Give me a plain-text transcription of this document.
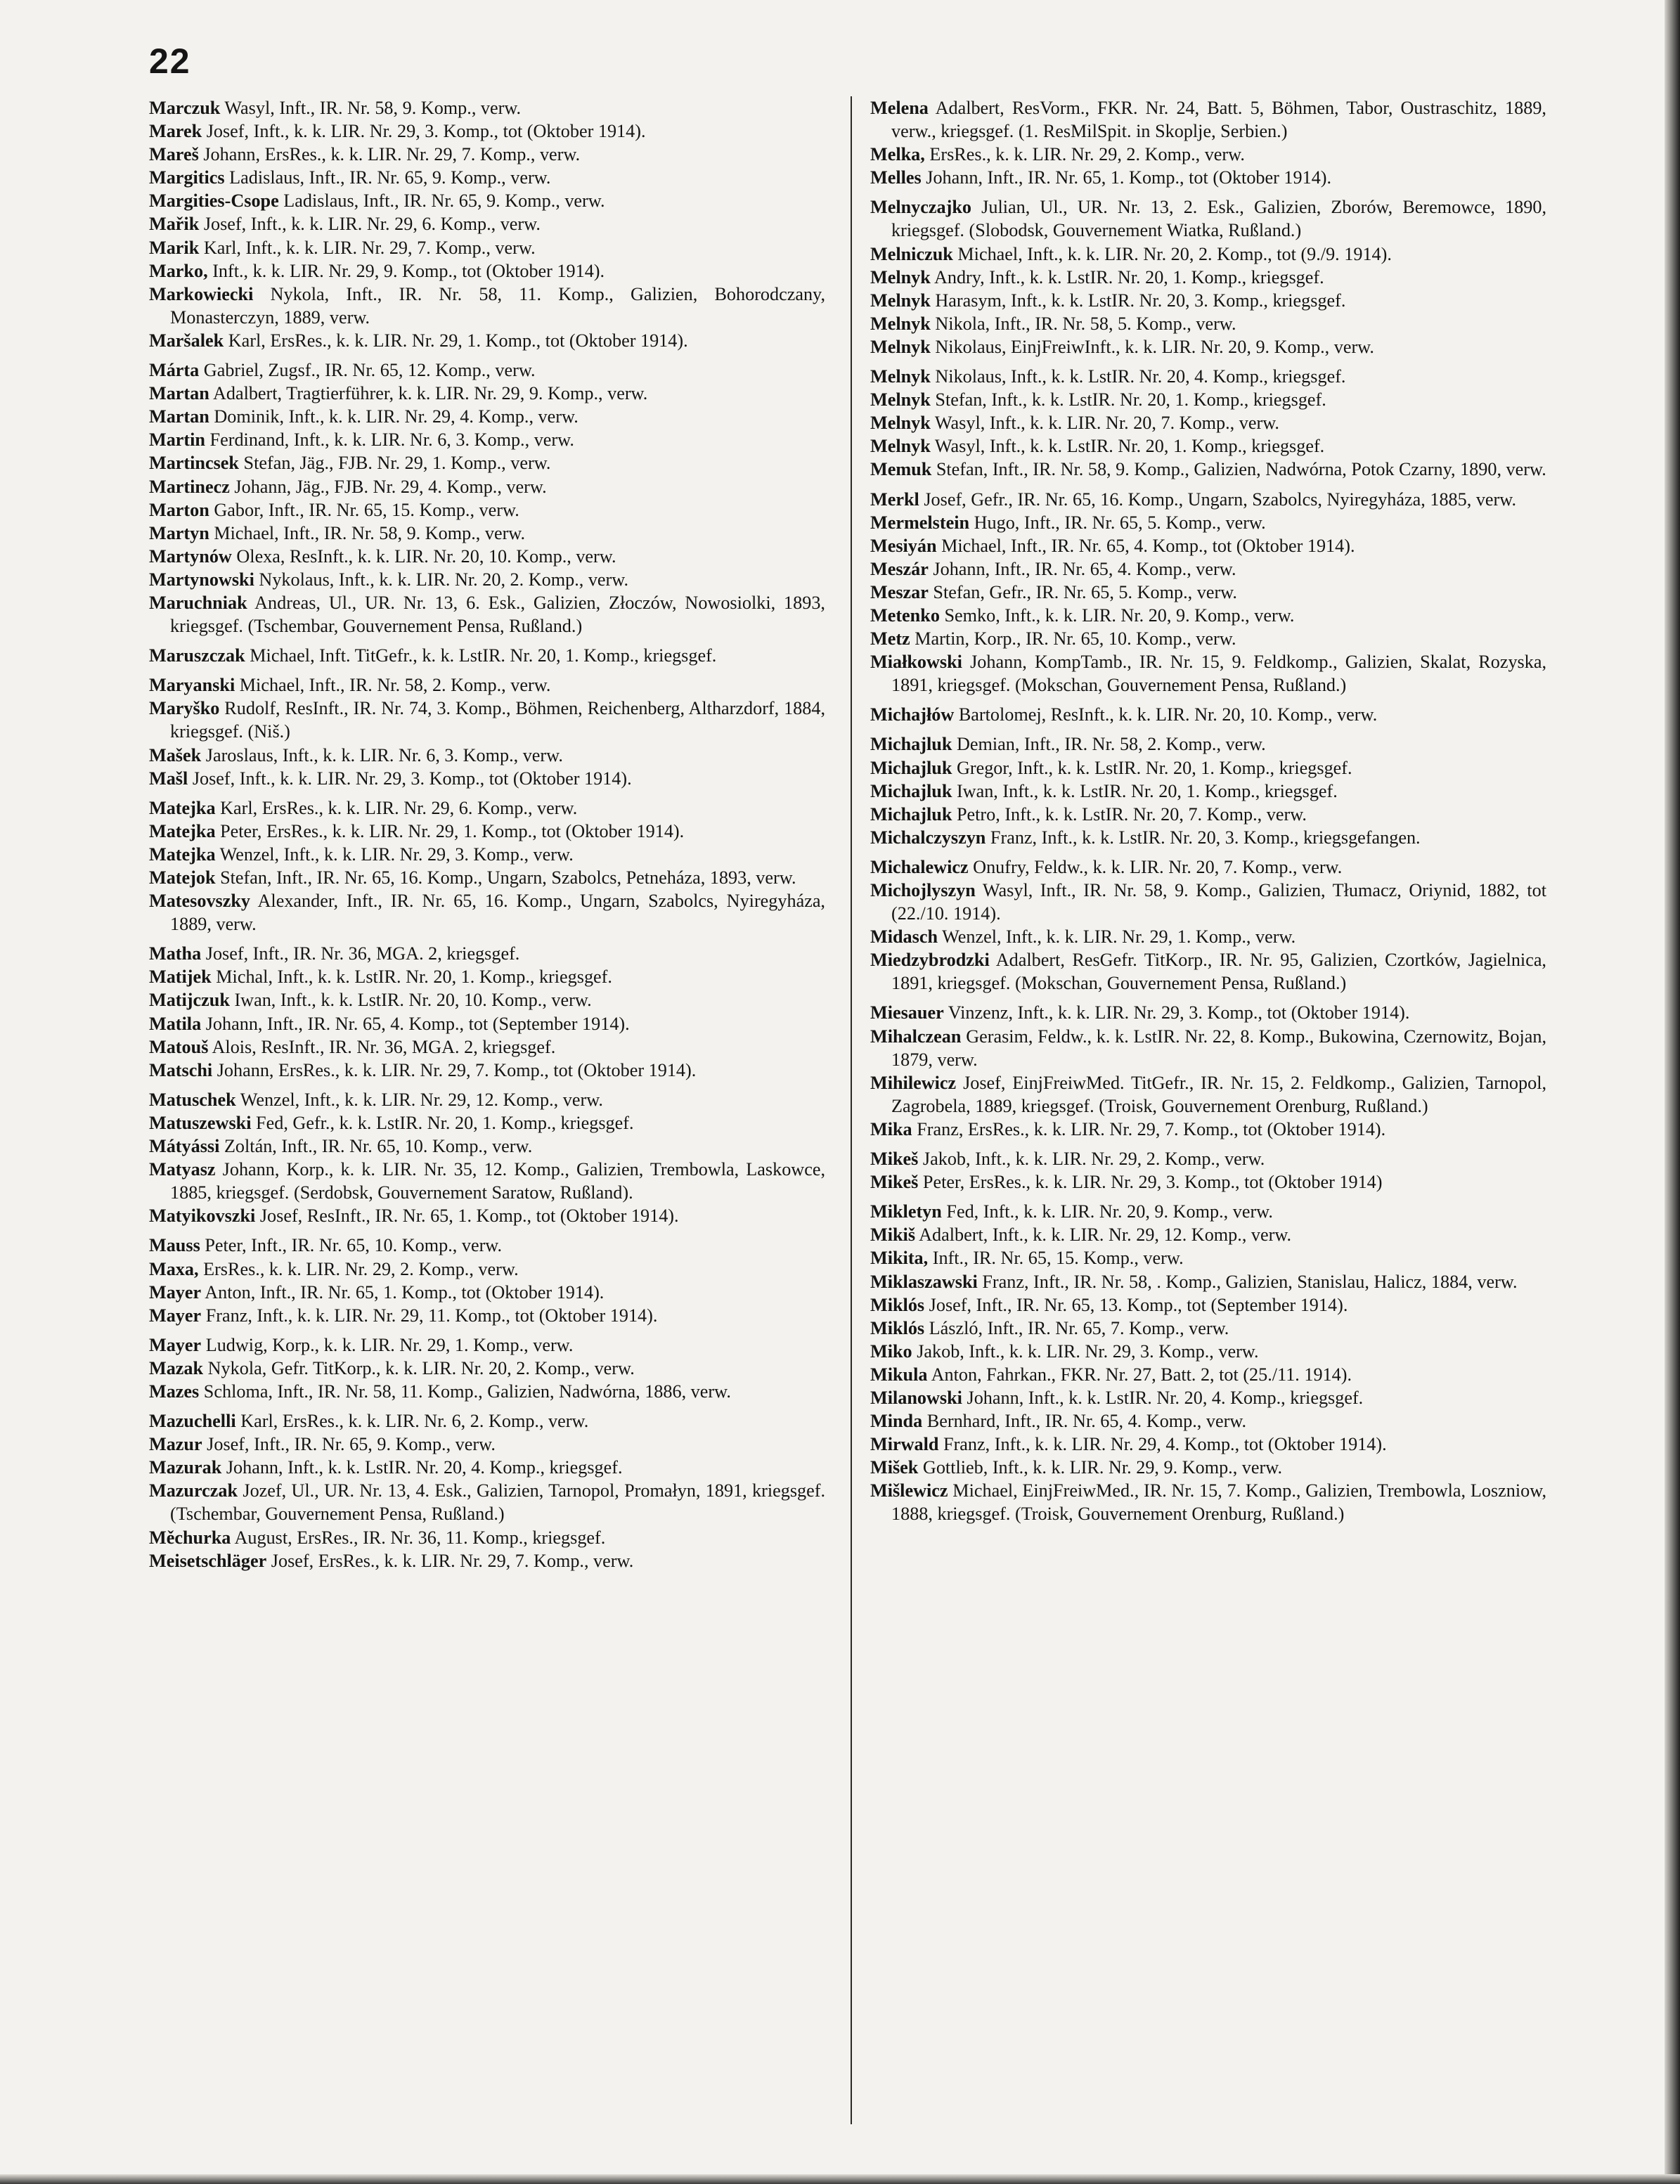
22

Marczuk Wasyl, Inft., IR. Nr. 58, 9. Komp., verw.

Marek Josef, Inft., k. k. LIR. Nr. 29, 3. Komp., tot (Oktober 1914).

Mareš Johann, ErsRes., k. k. LIR. Nr. 29, 7. Komp., verw.

Margitics Ladislaus, Inft., IR. Nr. 65, 9. Komp., verw.

Margities-Csope Ladislaus, Inft., IR. Nr. 65, 9. Komp., verw.

Mařik Josef, Inft., k. k. LIR. Nr. 29, 6. Komp., verw.

Marik Karl, Inft., k. k. LIR. Nr. 29, 7. Komp., verw.

Marko, Inft., k. k. LIR. Nr. 29, 9. Komp., tot (Oktober 1914).

Markowiecki Nykola, Inft., IR. Nr. 58, 11. Komp., Galizien, Bohorodczany, Monasterczyn, 1889, verw.

Maršalek Karl, ErsRes., k. k. LIR. Nr. 29, 1. Komp., tot (Oktober 1914).

Márta Gabriel, Zugsf., IR. Nr. 65, 12. Komp., verw.

Martan Adalbert, Tragtierführer, k. k. LIR. Nr. 29, 9. Komp., verw.

Martan Dominik, Inft., k. k. LIR. Nr. 29, 4. Komp., verw.

Martin Ferdinand, Inft., k. k. LIR. Nr. 6, 3. Komp., verw.

Martincsek Stefan, Jäg., FJB. Nr. 29, 1. Komp., verw.

Martinecz Johann, Jäg., FJB. Nr. 29, 4. Komp., verw.

Marton Gabor, Inft., IR. Nr. 65, 15. Komp., verw.

Martyn Michael, Inft., IR. Nr. 58, 9. Komp., verw.

Martynów Olexa, ResInft., k. k. LIR. Nr. 20, 10. Komp., verw.

Martynowski Nykolaus, Inft., k. k. LIR. Nr. 20, 2. Komp., verw.

Maruchniak Andreas, Ul., UR. Nr. 13, 6. Esk., Galizien, Złoczów, Nowosiolki, 1893, kriegsgef. (Tschembar, Gouvernement Pensa, Rußland.)

Maruszczak Michael, Inft. TitGefr., k. k. LstIR. Nr. 20, 1. Komp., kriegsgef.

Maryanski Michael, Inft., IR. Nr. 58, 2. Komp., verw.

Maryško Rudolf, ResInft., IR. Nr. 74, 3. Komp., Böhmen, Reichenberg, Altharzdorf, 1884, kriegsgef. (Niš.)

Mašek Jaroslaus, Inft., k. k. LIR. Nr. 6, 3. Komp., verw.

Mašl Josef, Inft., k. k. LIR. Nr. 29, 3. Komp., tot (Oktober 1914).

Matejka Karl, ErsRes., k. k. LIR. Nr. 29, 6. Komp., verw.

Matejka Peter, ErsRes., k. k. LIR. Nr. 29, 1. Komp., tot (Oktober 1914).

Matejka Wenzel, Inft., k. k. LIR. Nr. 29, 3. Komp., verw.

Matejok Stefan, Inft., IR. Nr. 65, 16. Komp., Ungarn, Szabolcs, Petneháza, 1893, verw.

Matesovszky Alexander, Inft., IR. Nr. 65, 16. Komp., Ungarn, Szabolcs, Nyiregyháza, 1889, verw.

Matha Josef, Inft., IR. Nr. 36, MGA. 2, kriegsgef.

Matijek Michal, Inft., k. k. LstIR. Nr. 20, 1. Komp., kriegsgef.

Matijczuk Iwan, Inft., k. k. LstIR. Nr. 20, 10. Komp., verw.

Matila Johann, Inft., IR. Nr. 65, 4. Komp., tot (September 1914).

Matouš Alois, ResInft., IR. Nr. 36, MGA. 2, kriegsgef.

Matschi Johann, ErsRes., k. k. LIR. Nr. 29, 7. Komp., tot (Oktober 1914).

Matuschek Wenzel, Inft., k. k. LIR. Nr. 29, 12. Komp., verw.

Matuszewski Fed, Gefr., k. k. LstIR. Nr. 20, 1. Komp., kriegsgef.

Mátyássi Zoltán, Inft., IR. Nr. 65, 10. Komp., verw.

Matyasz Johann, Korp., k. k. LIR. Nr. 35, 12. Komp., Galizien, Trembowla, Laskowce, 1885, kriegsgef. (Serdobsk, Gouvernement Saratow, Rußland).

Matyikovszki Josef, ResInft., IR. Nr. 65, 1. Komp., tot (Oktober 1914).

Mauss Peter, Inft., IR. Nr. 65, 10. Komp., verw.

Maxa, ErsRes., k. k. LIR. Nr. 29, 2. Komp., verw.

Mayer Anton, Inft., IR. Nr. 65, 1. Komp., tot (Oktober 1914).

Mayer Franz, Inft., k. k. LIR. Nr. 29, 11. Komp., tot (Oktober 1914).

Mayer Ludwig, Korp., k. k. LIR. Nr. 29, 1. Komp., verw.

Mazak Nykola, Gefr. TitKorp., k. k. LIR. Nr. 20, 2. Komp., verw.

Mazes Schloma, Inft., IR. Nr. 58, 11. Komp., Galizien, Nadwórna, 1886, verw.

Mazuchelli Karl, ErsRes., k. k. LIR. Nr. 6, 2. Komp., verw.

Mazur Josef, Inft., IR. Nr. 65, 9. Komp., verw.

Mazurak Johann, Inft., k. k. LstIR. Nr. 20, 4. Komp., kriegsgef.

Mazurczak Jozef, Ul., UR. Nr. 13, 4. Esk., Galizien, Tarnopol, Promałyn, 1891, kriegsgef. (Tschembar, Gouvernement Pensa, Rußland.)

Měchurka August, ErsRes., IR. Nr. 36, 11. Komp., kriegsgef.

Meisetschläger Josef, ErsRes., k. k. LIR. Nr. 29, 7. Komp., verw.

Melena Adalbert, ResVorm., FKR. Nr. 24, Batt. 5, Böhmen, Tabor, Oustraschitz, 1889, verw., kriegsgef. (1. ResMilSpit. in Skoplje, Serbien.)

Melka, ErsRes., k. k. LIR. Nr. 29, 2. Komp., verw.

Melles Johann, Inft., IR. Nr. 65, 1. Komp., tot (Oktober 1914).

Melnyczajko Julian, Ul., UR. Nr. 13, 2. Esk., Galizien, Zborów, Beremowce, 1890, kriegsgef. (Slobodsk, Gouvernement Wiatka, Rußland.)

Melniczuk Michael, Inft., k. k. LIR. Nr. 20, 2. Komp., tot (9./9. 1914).

Melnyk Andry, Inft., k. k. LstIR. Nr. 20, 1. Komp., kriegsgef.

Melnyk Harasym, Inft., k. k. LstIR. Nr. 20, 3. Komp., kriegsgef.

Melnyk Nikola, Inft., IR. Nr. 58, 5. Komp., verw.

Melnyk Nikolaus, EinjFreiwInft., k. k. LIR. Nr. 20, 9. Komp., verw.

Melnyk Nikolaus, Inft., k. k. LstIR. Nr. 20, 4. Komp., kriegsgef.

Melnyk Stefan, Inft., k. k. LstIR. Nr. 20, 1. Komp., kriegsgef.

Melnyk Wasyl, Inft., k. k. LIR. Nr. 20, 7. Komp., verw.

Melnyk Wasyl, Inft., k. k. LstIR. Nr. 20, 1. Komp., kriegsgef.

Memuk Stefan, Inft., IR. Nr. 58, 9. Komp., Galizien, Nadwórna, Potok Czarny, 1890, verw.

Merkl Josef, Gefr., IR. Nr. 65, 16. Komp., Ungarn, Szabolcs, Nyiregyháza, 1885, verw.

Mermelstein Hugo, Inft., IR. Nr. 65, 5. Komp., verw.

Mesiyán Michael, Inft., IR. Nr. 65, 4. Komp., tot (Oktober 1914).

Meszár Johann, Inft., IR. Nr. 65, 4. Komp., verw.

Meszar Stefan, Gefr., IR. Nr. 65, 5. Komp., verw.

Metenko Semko, Inft., k. k. LIR. Nr. 20, 9. Komp., verw.

Metz Martin, Korp., IR. Nr. 65, 10. Komp., verw.

Miałkowski Johann, KompTamb., IR. Nr. 15, 9. Feldkomp., Galizien, Skalat, Rozyska, 1891, kriegsgef. (Mokschan, Gouvernement Pensa, Rußland.)

Michajłów Bartolomej, ResInft., k. k. LIR. Nr. 20, 10. Komp., verw.

Michajluk Demian, Inft., IR. Nr. 58, 2. Komp., verw.

Michajluk Gregor, Inft., k. k. LstIR. Nr. 20, 1. Komp., kriegsgef.

Michajluk Iwan, Inft., k. k. LstIR. Nr. 20, 1. Komp., kriegsgef.

Michajluk Petro, Inft., k. k. LstIR. Nr. 20, 7. Komp., verw.

Michalczyszyn Franz, Inft., k. k. LstIR. Nr. 20, 3. Komp., kriegsgefangen.

Michalewicz Onufry, Feldw., k. k. LIR. Nr. 20, 7. Komp., verw.

Michojlyszyn Wasyl, Inft., IR. Nr. 58, 9. Komp., Galizien, Tłumacz, Oriynid, 1882, tot (22./10. 1914).

Midasch Wenzel, Inft., k. k. LIR. Nr. 29, 1. Komp., verw.

Miedzybrodzki Adalbert, ResGefr. TitKorp., IR. Nr. 95, Galizien, Czortków, Jagielnica, 1891, kriegsgef. (Mokschan, Gouvernement Pensa, Rußland.)

Miesauer Vinzenz, Inft., k. k. LIR. Nr. 29, 3. Komp., tot (Oktober 1914).

Mihalczean Gerasim, Feldw., k. k. LstIR. Nr. 22, 8. Komp., Bukowina, Czernowitz, Bojan, 1879, verw.

Mihilewicz Josef, EinjFreiwMed. TitGefr., IR. Nr. 15, 2. Feldkomp., Galizien, Tarnopol, Zagrobela, 1889, kriegsgef. (Troisk, Gouvernement Orenburg, Rußland.)

Mika Franz, ErsRes., k. k. LIR. Nr. 29, 7. Komp., tot (Oktober 1914).

Mikeš Jakob, Inft., k. k. LIR. Nr. 29, 2. Komp., verw.

Mikeš Peter, ErsRes., k. k. LIR. Nr. 29, 3. Komp., tot (Oktober 1914)

Mikletyn Fed, Inft., k. k. LIR. Nr. 20, 9. Komp., verw.

Mikiš Adalbert, Inft., k. k. LIR. Nr. 29, 12. Komp., verw.

Mikita, Inft., IR. Nr. 65, 15. Komp., verw.

Miklaszawski Franz, Inft., IR. Nr. 58, . Komp., Galizien, Stanislau, Halicz, 1884, verw.

Miklós Josef, Inft., IR. Nr. 65, 13. Komp., tot (September 1914).

Miklós László, Inft., IR. Nr. 65, 7. Komp., verw.

Miko Jakob, Inft., k. k. LIR. Nr. 29, 3. Komp., verw.

Mikula Anton, Fahrkan., FKR. Nr. 27, Batt. 2, tot (25./11. 1914).

Milanowski Johann, Inft., k. k. LstIR. Nr. 20, 4. Komp., kriegsgef.

Minda Bernhard, Inft., IR. Nr. 65, 4. Komp., verw.

Mirwald Franz, Inft., k. k. LIR. Nr. 29, 4. Komp., tot (Oktober 1914).

Mišek Gottlieb, Inft., k. k. LIR. Nr. 29, 9. Komp., verw.

Mišlewicz Michael, EinjFreiwMed., IR. Nr. 15, 7. Komp., Galizien, Trembowla, Loszniow, 1888, kriegsgef. (Troisk, Gouvernement Orenburg, Rußland.)
